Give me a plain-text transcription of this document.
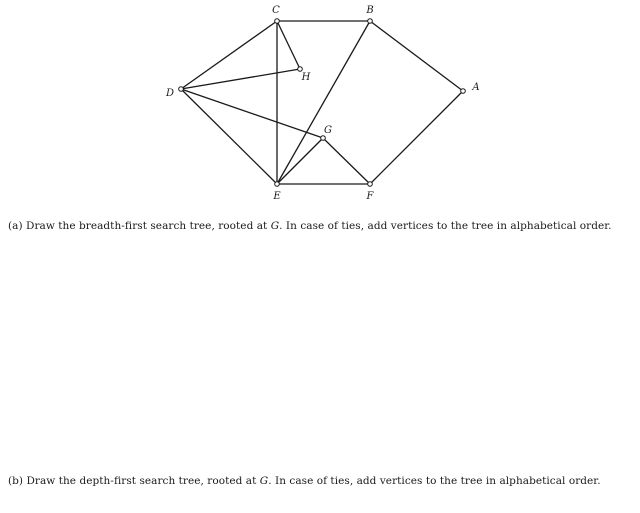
C	B
H
A
D
G
E	F
(a) Draw the breadth-first search tree, rooted at G. In case of ties, add vertices to the tree in alphabetical order.
(b) Draw the depth-first search tree, rooted at G. In case of ties, add vertices to the tree in alphabetical order.
